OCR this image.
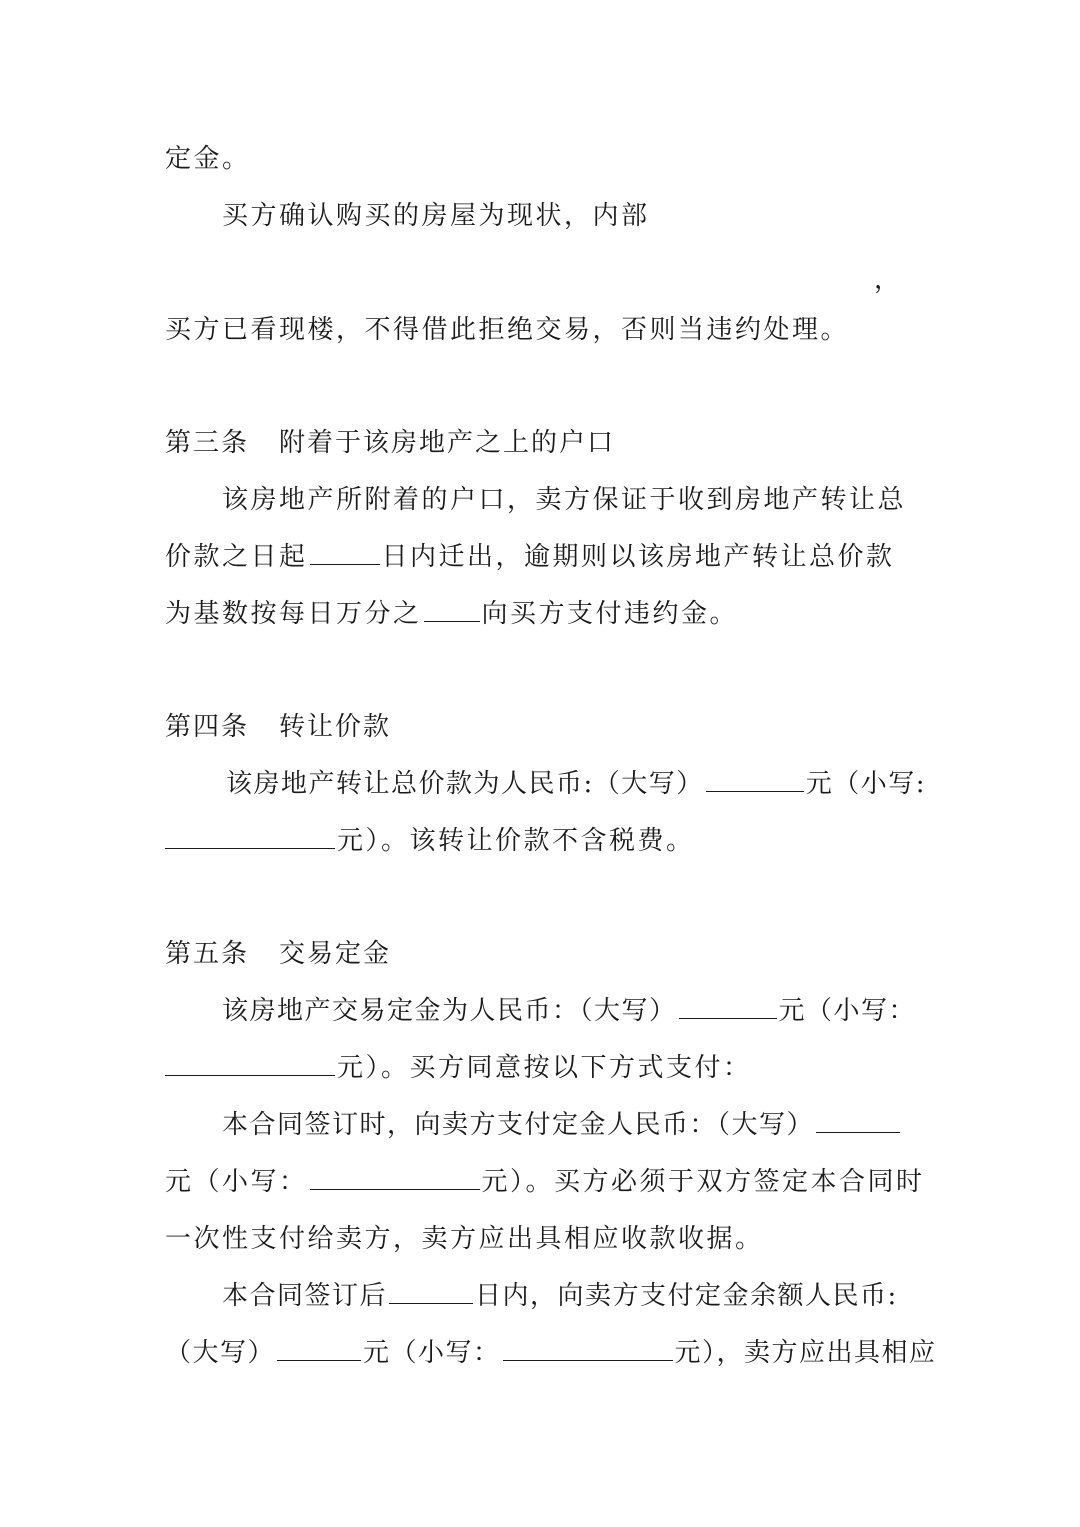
定金。
买方确认购买的房屋为现状，内部
，
买方已看现楼，不得借此拒绝交易，否则当违约处理。
第三条 附着于该房地产之上的户口
该房地产所附着的户口，卖方保证于收到房地产转让总
价款之日起	日内迁出，逾期则以该房地产转让总价款
为基数按每日万分之 向买方支付违约金。
第四条 转让价款
该房地产转让总价款为人民币:（大写）	元（小写:
元）。该转让价款不含税费。
第五条 交易定金
该房地产交易定金为人民币：（大写）	元（小写：
元）。买方同意按以下方式支付：
本合同签订时，向卖方支付定金人民币：（大写）
元（小写：	元）。买方必须于双方签定本合同时
一次性支付给卖方，卖方应出具相应收款收据。
本合同签订后	日内，向卖方支付定金余额人民币:
（大写）	元（小写：	元），卖方应出具相应
